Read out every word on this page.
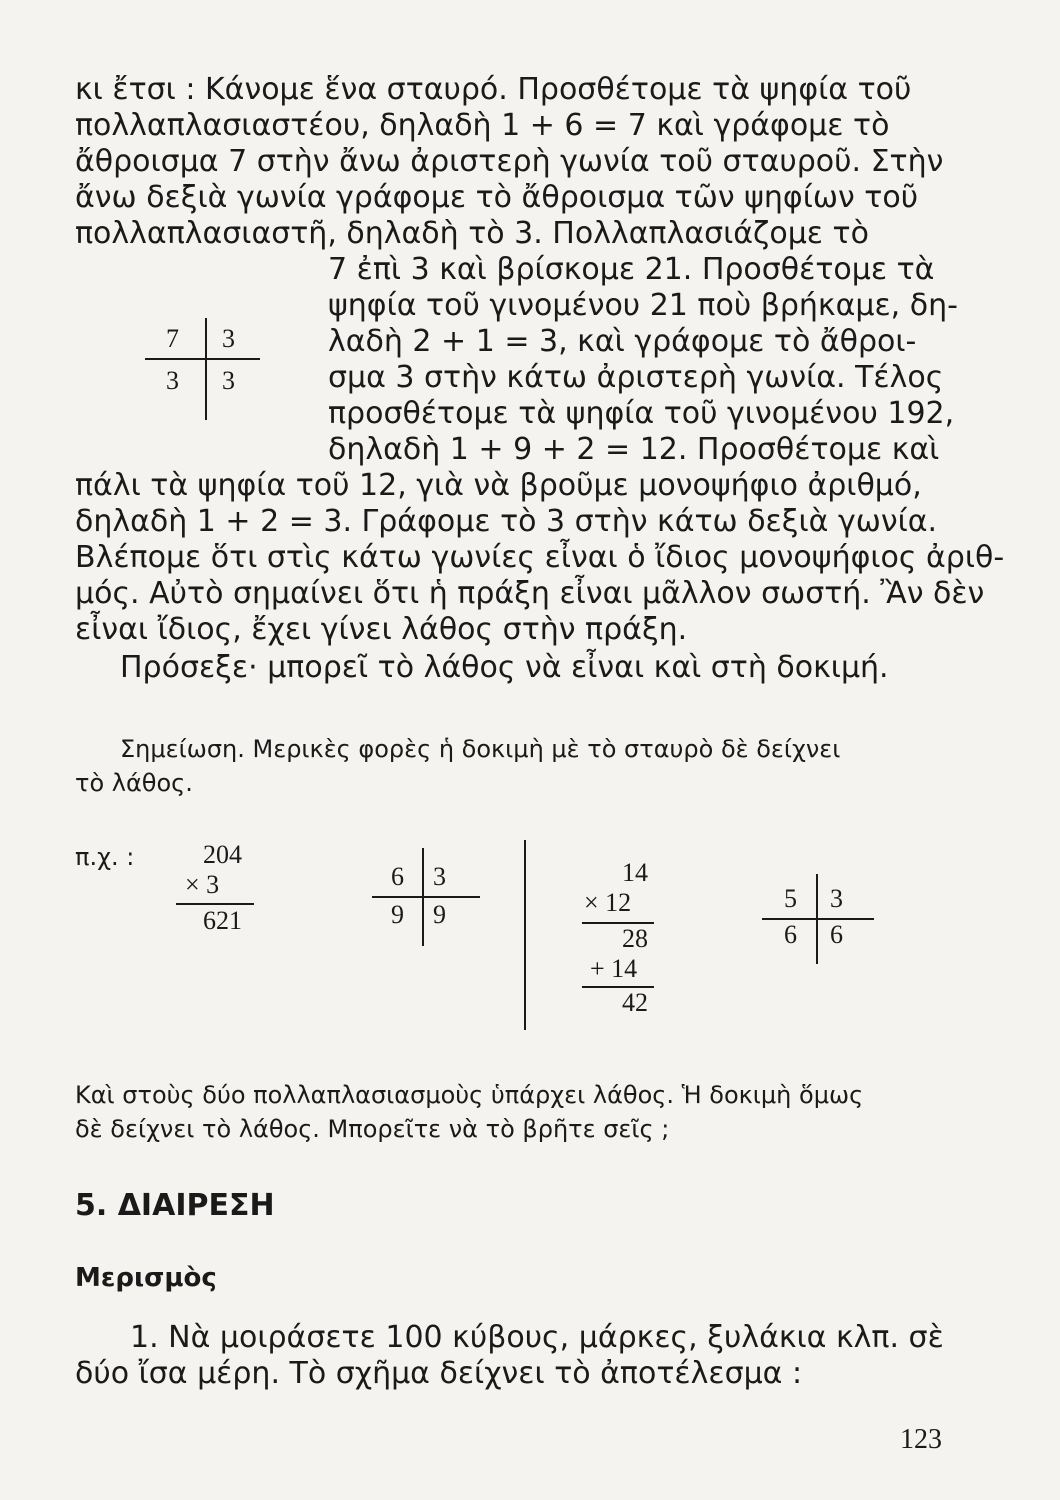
κι ἔτσι : Κάνομε ἕνα σταυρό. Προσθέτομε τὰ ψηφία τοῦ
πολλαπλασιαστέου, δηλαδὴ 1 + 6 = 7 καὶ γράφομε τὸ
ἄθροισμα 7 στὴν ἄνω ἀριστερὴ γωνία τοῦ σταυροῦ. Στὴν
ἄνω δεξιὰ γωνία γράφομε τὸ ἄθροισμα τῶν ψηφίων τοῦ
πολλαπλασιαστῆ, δηλαδὴ τὸ 3. Πολλαπλασιάζομε τὸ
7 ἐπὶ 3 καὶ βρίσκομε 21. Προσθέτομε τὰ
ψηφία τοῦ γινομένου 21 ποὺ βρήκαμε, δη-
λαδὴ 2 + 1 = 3, καὶ γράφομε τὸ ἄθροι-
σμα 3 στὴν κάτω ἀριστερὴ γωνία. Τέλος
προσθέτομε τὰ ψηφία τοῦ γινομένου 192,
δηλαδὴ 1 + 9 + 2 = 12. Προσθέτομε καὶ
πάλι τὰ ψηφία τοῦ 12, γιὰ νὰ βροῦμε μονοψήφιο ἀριθμό,
δηλαδὴ 1 + 2 = 3. Γράφομε τὸ 3 στὴν κάτω δεξιὰ γωνία.
Βλέπομε ὅτι στὶς κάτω γωνίες εἶναι ὁ ἴδιος μονοψήφιος ἀριθ-
μός. Αὐτὸ σημαίνει ὅτι ἡ πράξη εἶναι μᾶλλον σωστή. Ἂν δὲν
εἶναι ἴδιος, ἔχει γίνει λάθος στὴν πράξη.
Πρόσεξε· μπορεῖ τὸ λάθος νὰ εἶναι καὶ στὴ δοκιμή.
7 3
3 3
Σημείωση. Μερικὲς φορὲς ἡ δοκιμὴ μὲ τὸ σταυρὸ δὲ δείχνει
τὸ λάθος.
π.χ. :	204
× 3
621
6 3
9 9
14
× 12
28
+ 14
42
5 3
6 6
Καὶ στοὺς δύο πολλαπλασιασμοὺς ὑπάρχει λάθος. Ἡ δοκιμὴ ὅμως
δὲ δείχνει τὸ λάθος. Μπορεῖτε νὰ τὸ βρῆτε σεῖς ;
5. ΔΙΑΙΡΕΣΗ
Μερισμὸς
1. Νὰ μοιράσετε 100 κύβους, μάρκες, ξυλάκια κλπ. σὲ
δύο ἴσα μέρη. Τὸ σχῆμα δείχνει τὸ ἀποτέλεσμα :
123
